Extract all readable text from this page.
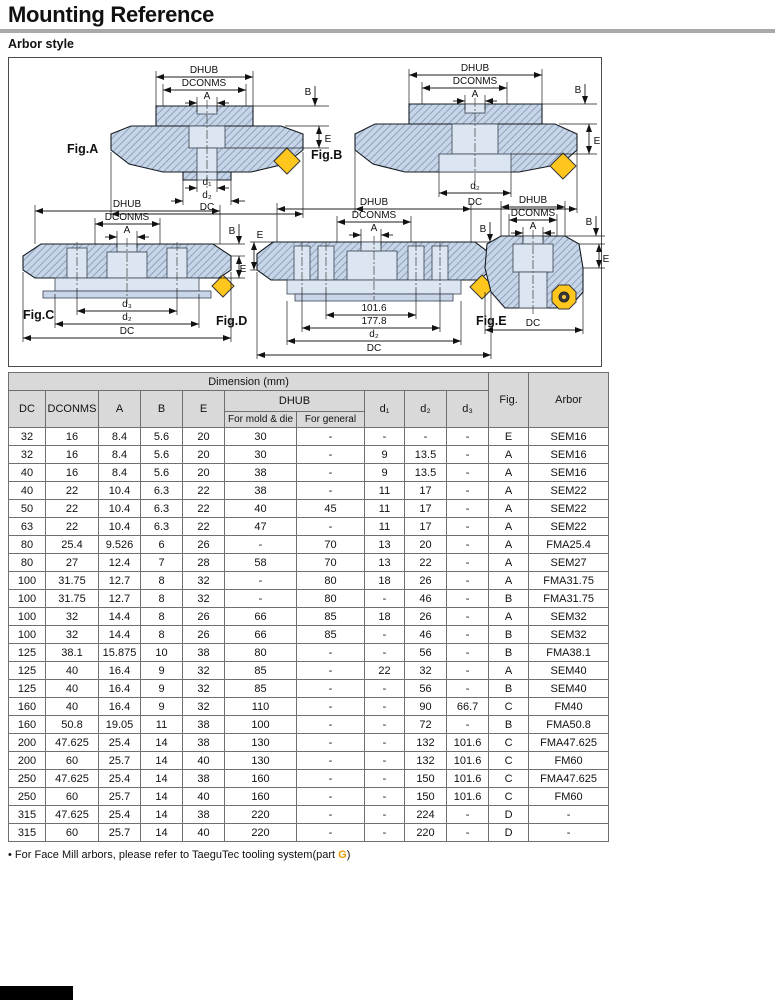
Mounting Reference
Arbor style
DHUB
DCONMS
A	B
E
d₁
d₂
DC
Fig.A
DHUB
DCONMS
A	B
E
d₂
DC
Fig.B
DHUB
DCONMS
A	B
E
d₃
d₂
DC
Fig.C
DHUB
DCONMS
A	B
E
101.6
177.8
d₂
DC
Fig.D
DHUB
DCONMS
A	B
E
DC
Fig.E
Dimension (mm)										Fig.	Arbor
DC	DCONMS	A	B	E	DHUB		d₁	d₂	d₃		
					For mold & die	For general					
32	16	8.4	5.6	20	30	-	-	-	-	E	SEM16
32	16	8.4	5.6	20	30	-	9	13.5	-	A	SEM16
40	16	8.4	5.6	20	38	-	9	13.5	-	A	SEM16
40	22	10.4	6.3	22	38	-	11	17	-	A	SEM22
50	22	10.4	6.3	22	40	45	11	17	-	A	SEM22
63	22	10.4	6.3	22	47	-	11	17	-	A	SEM22
80	25.4	9.526	6	26	-	70	13	20	-	A	FMA25.4
80	27	12.4	7	28	58	70	13	22	-	A	SEM27
100	31.75	12.7	8	32	-	80	18	26	-	A	FMA31.75
100	31.75	12.7	8	32	-	80	-	46	-	B	FMA31.75
100	32	14.4	8	26	66	85	18	26	-	A	SEM32
100	32	14.4	8	26	66	85	-	46	-	B	SEM32
125	38.1	15.875	10	38	80	-	-	56	-	B	FMA38.1
125	40	16.4	9	32	85	-	22	32	-	A	SEM40
125	40	16.4	9	32	85	-	-	56	-	B	SEM40
160	40	16.4	9	32	110	-	-	90	66.7	C	FM40
160	50.8	19.05	11	38	100	-	-	72	-	B	FMA50.8
200	47.625	25.4	14	38	130	-	-	132	101.6	C	FMA47.625
200	60	25.7	14	40	130	-	-	132	101.6	C	FM60
250	47.625	25.4	14	38	160	-	-	150	101.6	C	FMA47.625
250	60	25.7	14	40	160	-	-	150	101.6	C	FM60
315	47.625	25.4	14	38	220	-	-	224	-	D	-
315	60	25.7	14	40	220	-	-	220	-	D	-
• For Face Mill arbors, please refer to TaeguTec tooling system(part G)
